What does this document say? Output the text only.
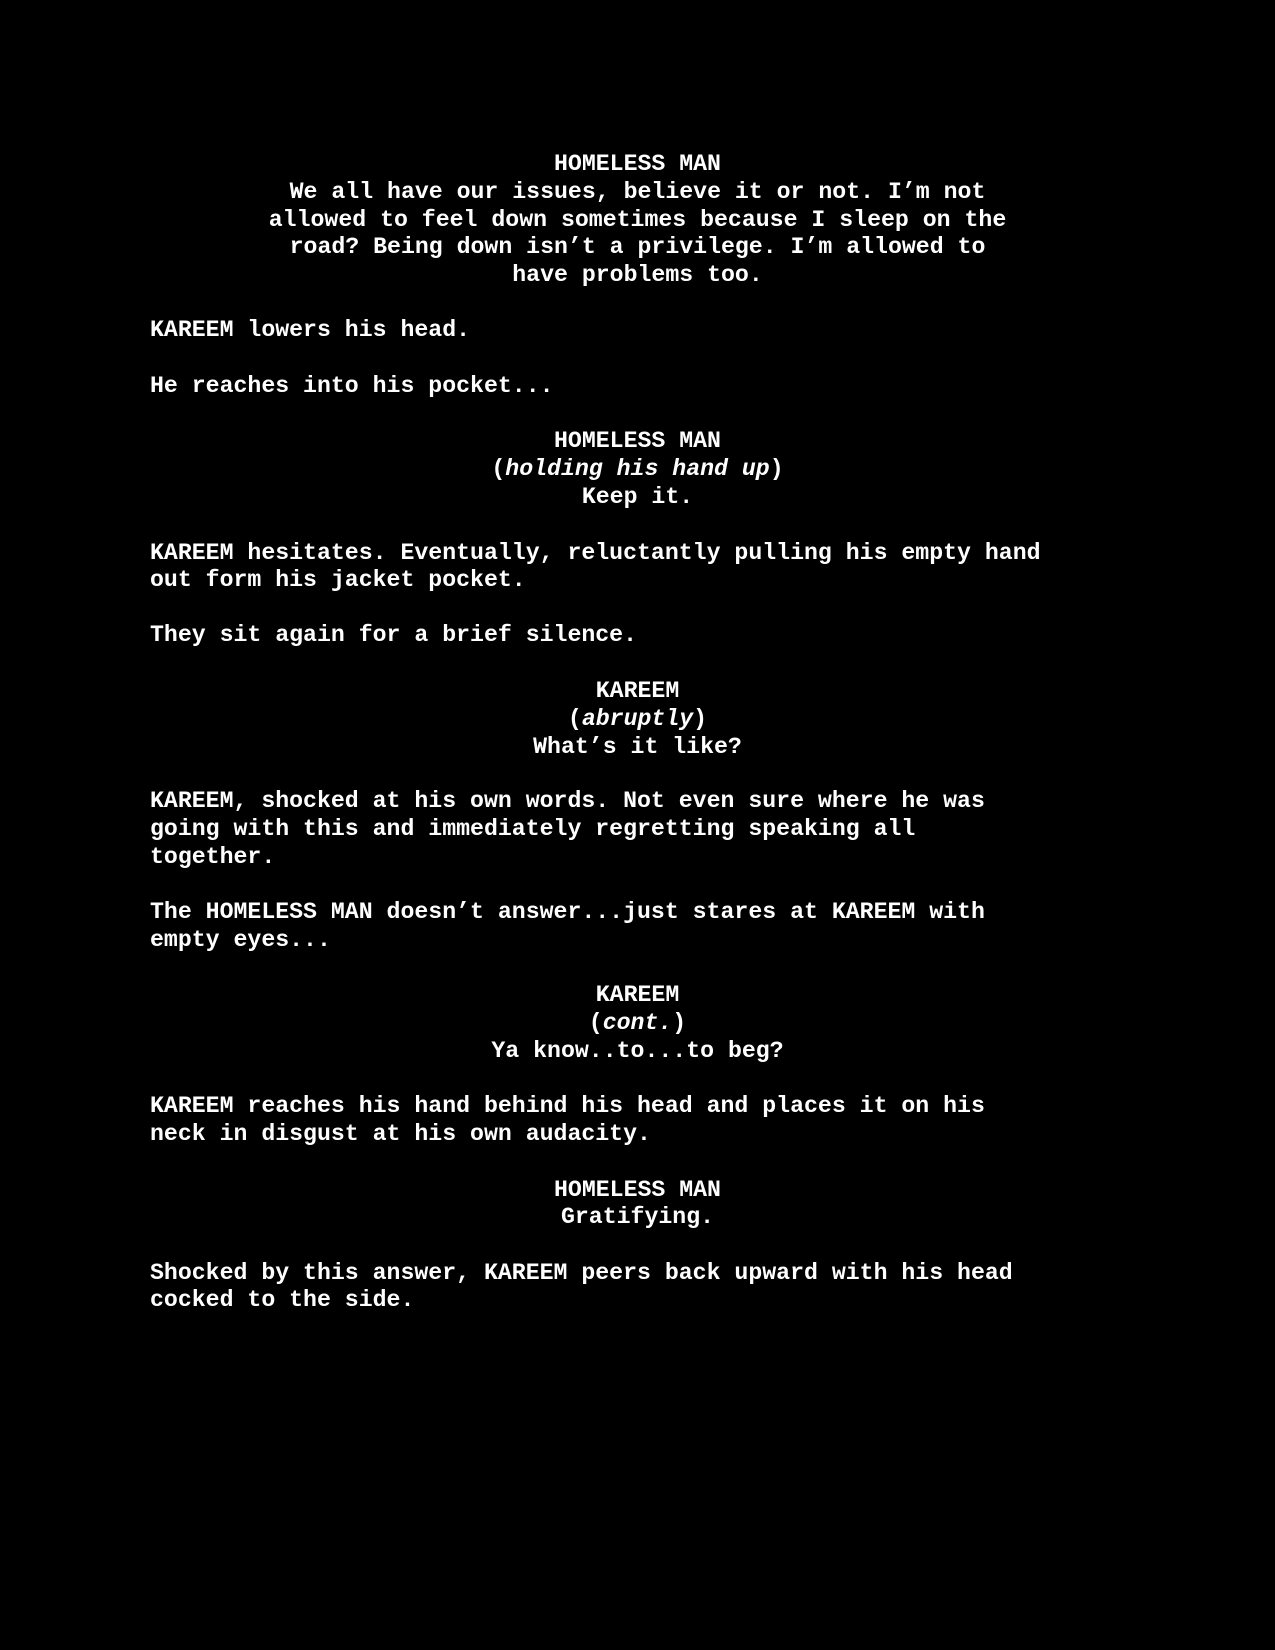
HOMELESS MAN
We all have our issues, believe it or not. I’m not
allowed to feel down sometimes because I sleep on the
road? Being down isn’t a privilege. I’m allowed to
have problems too.
KAREEM lowers his head.
He reaches into his pocket...
HOMELESS MAN
(holding his hand up)
Keep it.
KAREEM hesitates. Eventually, reluctantly pulling his empty hand
out form his jacket pocket.
They sit again for a brief silence.
KAREEM
(abruptly)
What’s it like?
KAREEM, shocked at his own words. Not even sure where he was
going with this and immediately regretting speaking all
together.
The HOMELESS MAN doesn’t answer...just stares at KAREEM with
empty eyes...
KAREEM
(cont.)
Ya know..to...to beg?
KAREEM reaches his hand behind his head and places it on his
neck in disgust at his own audacity.
HOMELESS MAN
Gratifying.
Shocked by this answer, KAREEM peers back upward with his head
cocked to the side.
